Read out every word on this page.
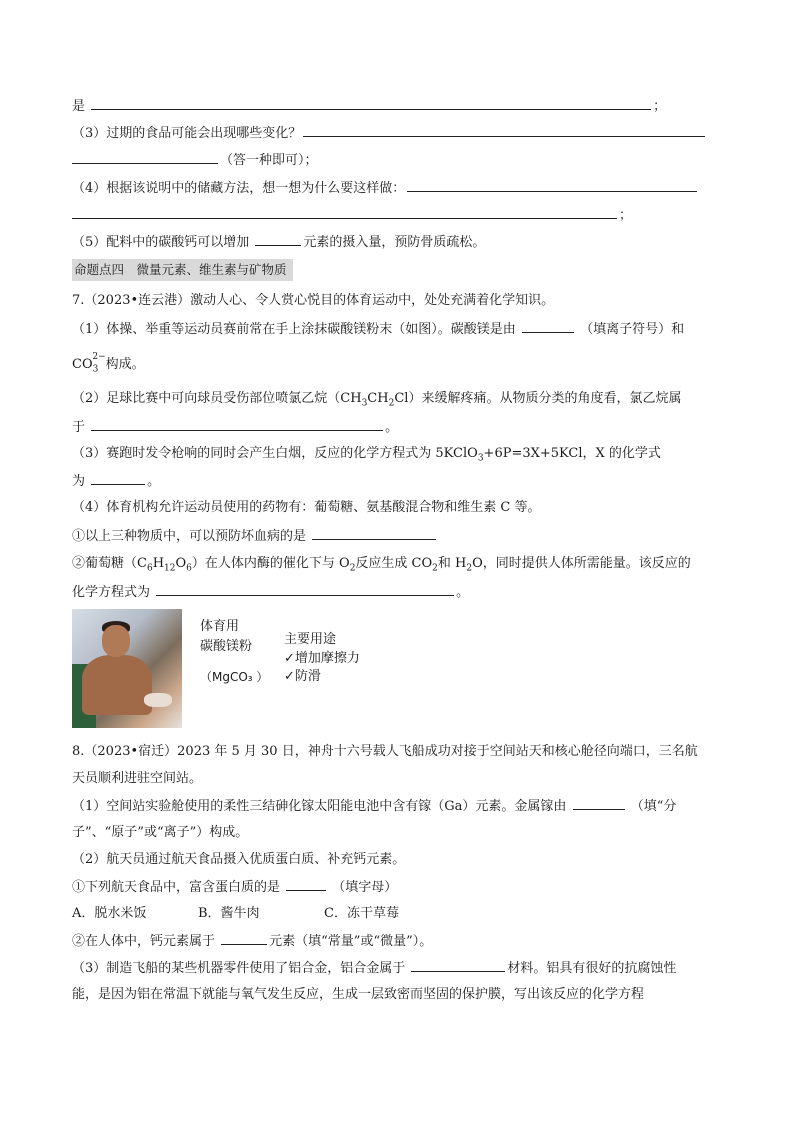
是	；
（3）过期的食品可能会出现哪些变化？
（答一种即可）；
（4）根据该说明中的储藏方法，想一想为什么要这样做：
；
（5）配料中的碳酸钙可以增加	元素的摄入量，预防骨质疏松。
命题点四　微量元素、维生素与矿物质
7.（2023•连云港）激动人心、令人赏心悦目的体育运动中，处处充满着化学知识。
（1）体操、举重等运动员赛前常在手上涂抹碳酸镁粉末（如图）。碳酸镁是由	（填离子符号）和
$CO_3^{2-}$构成。
（2）足球比赛中可向球员受伤部位喷氯乙烷$(CH_3CH_2Cl)$来缓解疼痛。从物质分类的角度看，氯乙烷属
于	。
（3）赛跑时发令枪响的同时会产生白烟，反应的化学方程式为 5KClO$_3$+6P=3X+5KCl，X 的化学式
为	。
（4）体育机构允许运动员使用的药物有：葡萄糖、氨基酸混合物和维生素 C 等。
①以上三种物质中，可以预防坏血病的是
②葡萄糖$(C_6H_{12}O_6)$在人体内酶的催化下与 $O_2$反应生成 $CO_2$和 $H_2O$，同时提供人体所需能量。该反应的
化学方程式为	。
体育用
碳酸镁粉
（MgCO₃ ）
主要用途
✓增加摩擦力
✓防滑
8.（2023•宿迁）2023 年 5 月 30 日，神舟十六号载人飞船成功对接于空间站天和核心舱径向端口，三名航
天员顺利进驻空间站。
（1）空间站实验舱使用的柔性三结砷化镓太阳能电池中含有镓（Ga）元素。金属镓由	（填“分
子”、“原子”或“离子”）构成。
（2）航天员通过航天食品摄入优质蛋白质、补充钙元素。
①下列航天食品中，富含蛋白质的是	（填字母）
A．脱水米饭	B．酱牛肉	C．冻干草莓
②在人体中，钙元素属于	元素（填“常量”或“微量”）。
（3）制造飞船的某些机器零件使用了铝合金，铝合金属于	材料。铝具有很好的抗腐蚀性
能，是因为铝在常温下就能与氧气发生反应，生成一层致密而坚固的保护膜，写出该反应的化学方程
